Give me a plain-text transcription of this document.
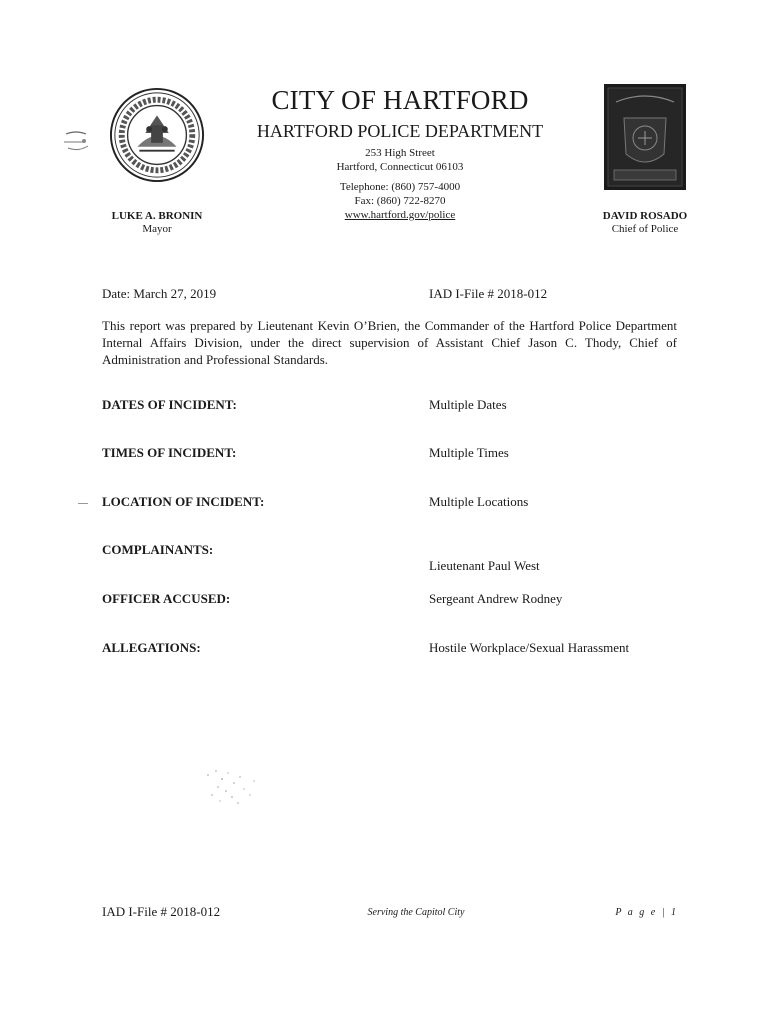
CITY OF HARTFORD
HARTFORD POLICE DEPARTMENT
253 High Street
Hartford, Connecticut 06103
Telephone: (860) 757-4000
Fax: (860) 722-8270
www.hartford.gov/police
LUKE A. BRONIN
Mayor
DAVID ROSADO
Chief of Police
Date: March 27, 2019	IAD I-File # 2018-012
This report was prepared by Lieutenant Kevin O’Brien, the Commander of the Hartford Police Department Internal Affairs Division, under the direct supervision of Assistant Chief Jason C. Thody, Chief of Administration and Professional Standards.
DATES OF INCIDENT:	Multiple Dates
TIMES OF INCIDENT:	Multiple Times
LOCATION OF INCIDENT:	Multiple Locations
COMPLAINANTS:
Lieutenant Paul West
OFFICER ACCUSED:	Sergeant Andrew Rodney
ALLEGATIONS:	Hostile Workplace/Sexual Harassment
IAD I-File # 2018-012	Serving the Capitol City	P a g e | 1
